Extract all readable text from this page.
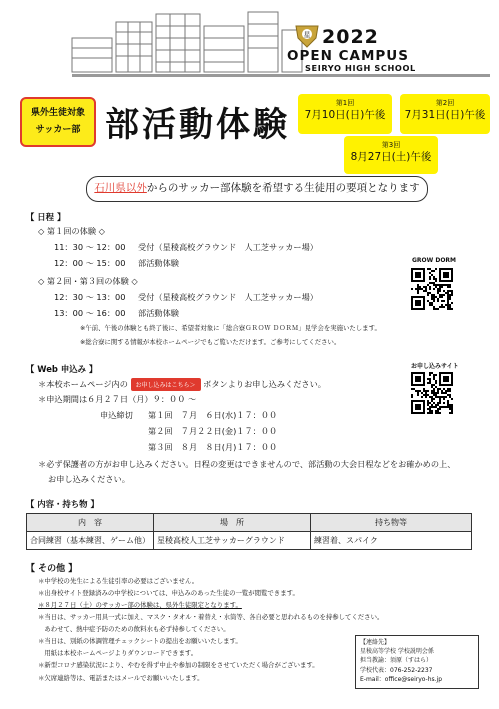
星 2022
OPEN CAMPUS
SEIRYO HIGH SCHOOL
県外生徒対象
サッカー部 部活動体験
第1回
7月10日(日)午後
第2回
7月31日(日)午後
第3回
8月27日(土)午後
石川県以外からのサッカー部体験を希望する生徒用の要項となります
【 日程 】
◇ 第１回の体験 ◇
11：30 ～ 12：00 受付（星稜高校グラウンド　人工芝サッカー場）
12：00 ～ 15：00 部活動体験
◇ 第２回・第３回の体験 ◇
12：30 ～ 13：00 受付（星稜高校グラウンド　人工芝サッカー場）
13：00 ～ 16：00 部活動体験
※午前、午後の体験とも終了後に、希望者対象に「総合寮ＧＲＯＷ ＤＯＲＭ」見学会を実施いたします。
※総合寮に関する情報が本校ホームページでもご覧いただけます。ご参考にしてください。
GROW DORM
【 Web 申込み 】
＊本校ホームページ内の お申し込みはこちら＞ ボタンよりお申し込みください。
＊申込期間は６月２７日（月）９：００ ～
申込締切 第１回　７月　６日(水)１７：００
第２回　７月２２日(金)１７：００
第３回　８月　８日(月)１７：００
＊必ず保護者の方がお申し込みください。日程の変更はできませんので、部活動の大会日程などをお確かめの上、
お申し込みください。
お申し込みサイト
【 内容・持ち物 】
内　容	場　所	持ち物等
合同練習（基本練習、ゲーム他）	星稜高校人工芝サッカーグラウンド	練習着、スパイク
【 その他 】
＊中学校の先生による生徒引率の必要はございません。
＊出身校サイト登録済みの中学校については、申込みのあった生徒の一覧が閲覧できます。
＊８月２７日（土）のサッカー部の体験は、県外生徒限定となります。
＊当日は、サッカー用具一式に加え、マスク・タオル・着替え・水筒等、各自必要と思われるものを持参してください。
　あわせて、熱中症予防のための飲料水も必ず持参してください。
＊当日は、別紙の体調管理チェックシートの提出をお願いいたします。
　用紙は本校ホームページよりダウンロードできます。
＊新型コロナ感染状況により、やむを得ず中止や参加の制限をさせていただく場合がございます。
＊欠席連絡等は、電話またはメールでお願いいたします。
【連絡先】
星稜高等学校 学校説明会係
担当教諭：須原（すはら）
学校代表：076-252-2237
E-mail：office@seiryo-hs.jp
